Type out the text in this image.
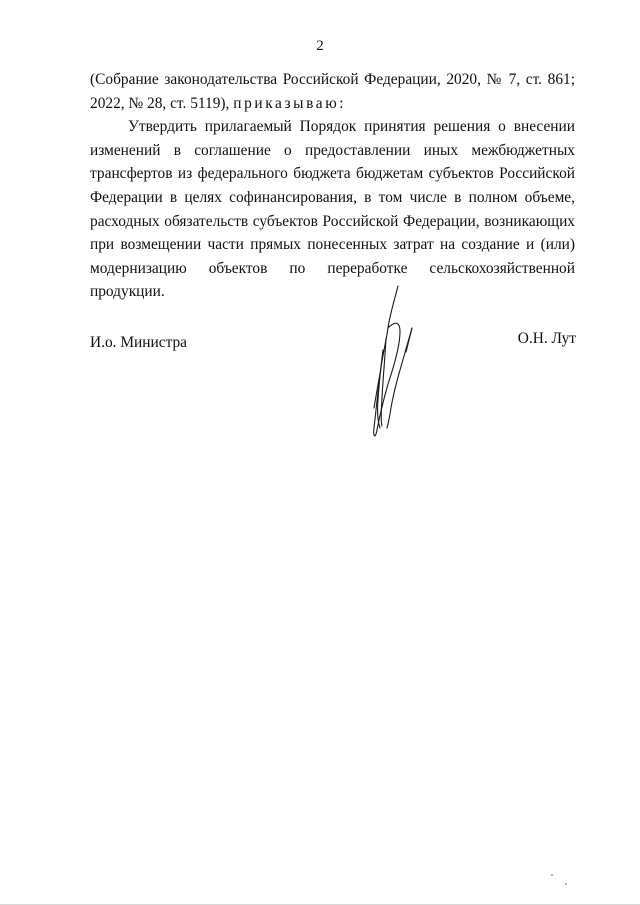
2

(Собрание законодательства Российской Федерации, 2020, № 7, ст. 861; 2022, № 28, ст. 5119), приказываю:

Утвердить прилагаемый Порядок принятия решения о внесении изменений в соглашение о предоставлении иных межбюджетных трансфертов из федерального бюджета бюджетам субъектов Российской Федерации в целях софинансирования, в том числе в полном объеме, расходных обязательств субъектов Российской Федерации, возникающих при возмещении части прямых понесенных затрат на создание и (или) модернизацию объектов по переработке сельскохозяйственной продукции.

И.о. Министра	О.Н. Лут
